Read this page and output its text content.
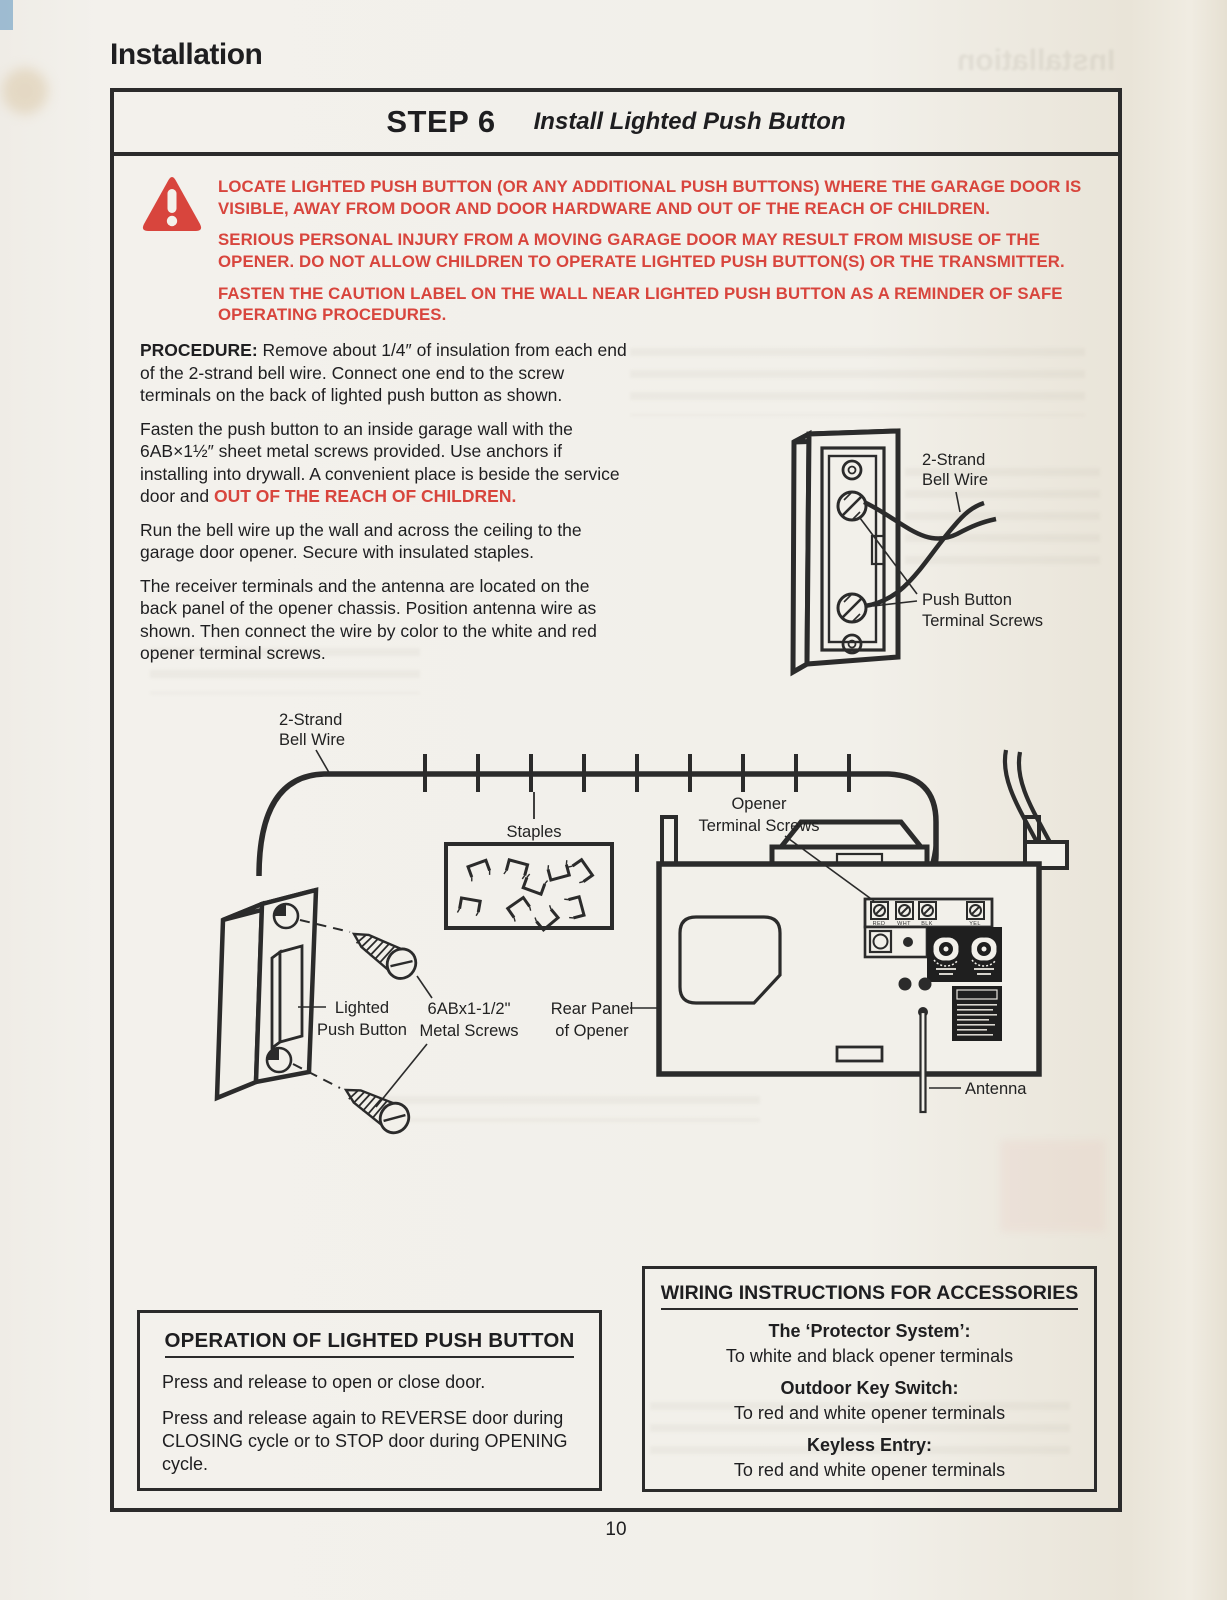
Installation
Installation
STEP 6 Install Lighted Push Button

LOCATE LIGHTED PUSH BUTTON (OR ANY ADDITIONAL PUSH BUTTONS) WHERE THE GARAGE DOOR IS VISIBLE, AWAY FROM DOOR AND DOOR HARDWARE AND OUT OF THE REACH OF CHILDREN.

SERIOUS PERSONAL INJURY FROM A MOVING GARAGE DOOR MAY RESULT FROM MISUSE OF THE OPENER. DO NOT ALLOW CHILDREN TO OPERATE LIGHTED PUSH BUTTON(S) OR THE TRANSMITTER.

FASTEN THE CAUTION LABEL ON THE WALL NEAR LIGHTED PUSH BUTTON AS A REMINDER OF SAFE OPERATING PROCEDURES.

PROCEDURE: Remove about 1/4″ of insulation from each end of the 2-strand bell wire. Connect one end to the screw terminals on the back of lighted push button as shown.

Fasten the push button to an inside garage wall with the 6AB×1½″ sheet metal screws provided. Use anchors if installing into drywall. A convenient place is beside the service door and OUT OF THE REACH OF CHILDREN.

Run the bell wire up the wall and across the ceiling to the garage door opener. Secure with insulated staples.

The receiver terminals and the antenna are located on the back panel of the opener chassis. Position antenna wire as shown. Then connect the wire by color to the white and red opener terminal screws.

2-Strand
Bell Wire
Push Button
Terminal Screws
2-Strand
Bell Wire
Staples
Lighted
Push Button
6ABx1-1/2"
Metal Screws
Rear Panel
of Opener
RED WHT BLK	YEL
Antenna
Opener
Terminal Screws
OPERATION OF LIGHTED PUSH BUTTON

Press and release to open or close door.

Press and release again to REVERSE door during CLOSING cycle or to STOP door during OPENING cycle.

WIRING INSTRUCTIONS FOR ACCESSORIES

The ‘Protector System’:

To white and black opener terminals

Outdoor Key Switch:

To red and white opener terminals

Keyless Entry:

To red and white opener terminals

10
